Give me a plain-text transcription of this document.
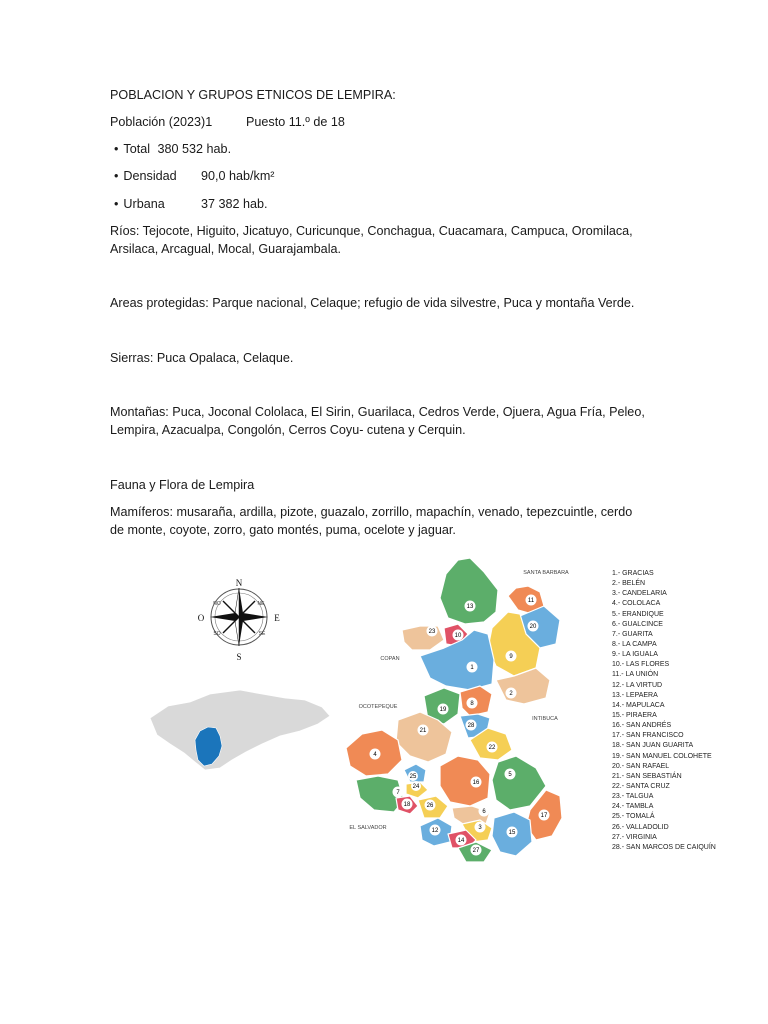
POBLACION Y GRUPOS ETNICOS DE LEMPIRA:
Población (2023)1	Puesto 11.º de 18
• Total 380 532 hab.
• Densidad 90,0 hab/km²
• Urbana	37 382 hab.
Ríos: Tejocote, Higuito, Jicatuyo, Curicunque, Conchagua, Cuacamara, Campuca, Oromilaca,
Arsilaca, Arcagual, Mocal, Guarajambala.
Areas protegidas: Parque nacional, Celaque; refugio de vida silvestre, Puca y montaña Verde.
Sierras: Puca Opalaca, Celaque.
Montañas: Puca, Joconal Cololaca, El Sirin, Guarilaca, Cedros Verde, Ojuera, Agua Fría, Peleo,
Lempira, Azacualpa, Congolón, Cerros Coyu- cutena y Cerquin.
Fauna y Flora de Lempira
Mamíferos: musaraña, ardilla, pizote, guazalo, zorrillo, mapachín, venado, tepezcuintle, cerdo
de monte, coyote, zorro, gato montés, puma, ocelote y jaguar.
N
S
E
O
NE
NO
SE
SO
SANTA BARBARA
COPAN
OCOTEPEQUE
INTIBUCA
EL SALVADOR
13
11
20
23
10
9
1
2
19
8
28
21
22
4
5
25
24
16
7
18	26
6
17
12	3
15
14
27
1.- GRACIAS
2.- BELÉN
3.- CANDELARIA
4.- COLOLACA
5.- ERANDIQUE
6.- GUALCINCE
7.- GUARITA
8.- LA CAMPA
9.- LA IGUALA
10.- LAS FLORES
11.- LA UNIÓN
12.- LA VIRTUD
13.- LEPAERA
14.- MAPULACA
15.- PIRAERA
16.- SAN ANDRÉS
17.- SAN FRANCISCO
18.- SAN JUAN GUARITA
19.- SAN MANUEL COLOHETE
20.- SAN RAFAEL
21.- SAN SEBASTIÁN
22.- SANTA CRUZ
23.- TALGUA
24.- TAMBLA
25.- TOMALÁ
26.- VALLADOLID
27.- VIRGINIA
28.- SAN MARCOS DE CAIQUÍN
